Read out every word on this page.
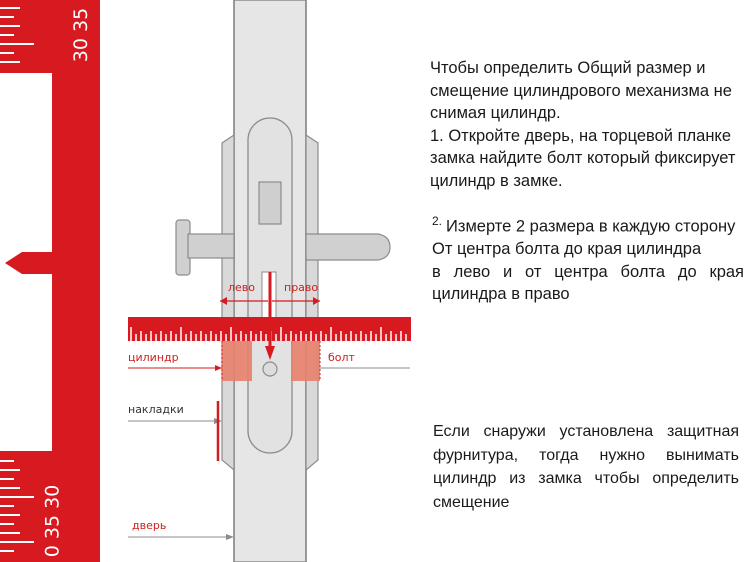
30 35
0 35 30
лево	право
цилиндр	болт
накладки
дверь
Чтобы определить Общий размер и смещение цилиндрового механизма не снимая цилиндр.
1. Откройте дверь, на торцевой планке замка найдите болт который фиксирует цилиндр в замке.
$^{2.}$ Измерте 2 размера в каждую сторону
От центра болта до края цилиндра
в лево и от центра болта до края цилиндра в право
Если снаружи установлена защитная фурнитура, тогда нужно вынимать цилиндр из замка чтобы определить смещение
